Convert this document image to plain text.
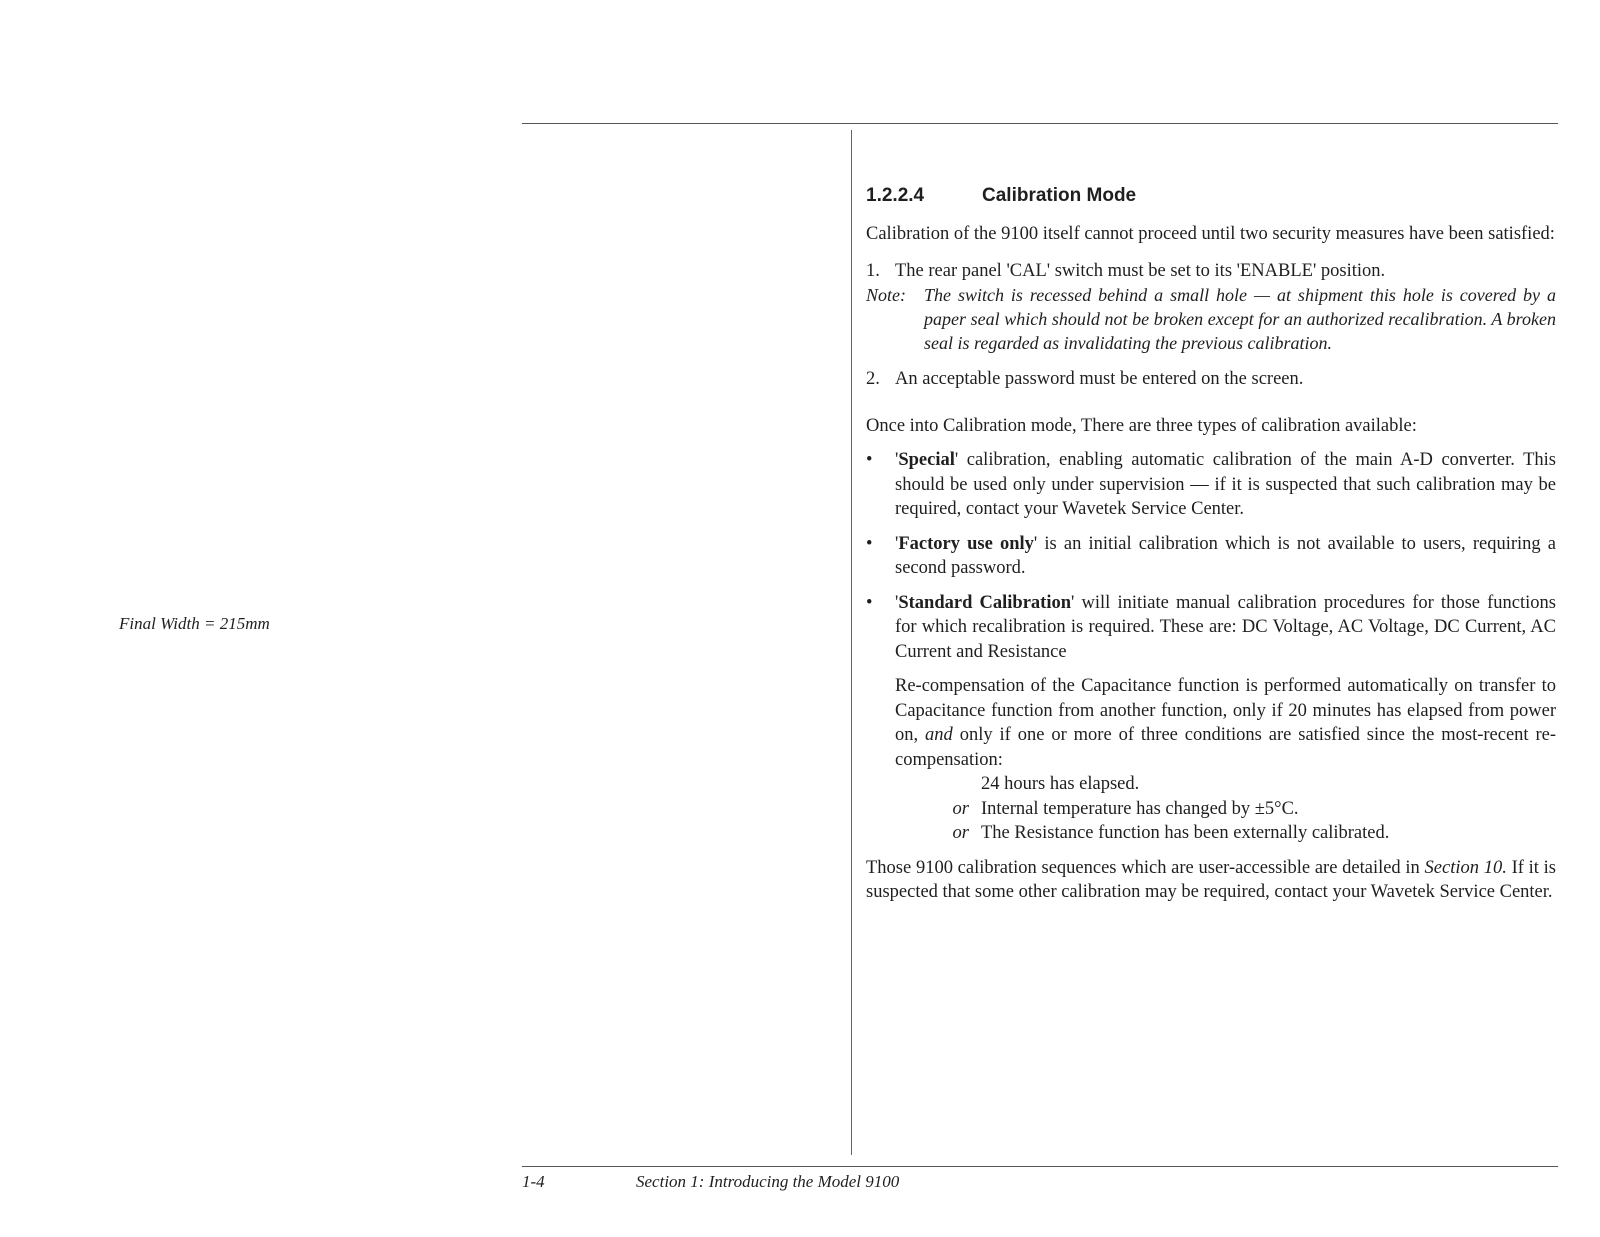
Final Width = 215mm
1.2.2.4	Calibration Mode

Calibration of the 9100 itself cannot proceed until two security measures have been satisfied:

1. The rear panel 'CAL' switch must be set to its 'ENABLE' position.
Note:	The switch is recessed behind a small hole — at shipment this hole is covered by a paper seal which should not be broken except for an authorized recalibration. A broken seal is regarded as invalidating the previous calibration.
2. An acceptable password must be entered on the screen.

Once into Calibration mode, There are three types of calibration available:

•	'Special' calibration, enabling automatic calibration of the main A-D converter. This should be used only under supervision — if it is suspected that such calibration may be required, contact your Wavetek Service Center.
•	'Factory use only' is an initial calibration which is not available to users, requiring a second password.
•	'Standard Calibration' will initiate manual calibration procedures for those functions for which recalibration is required. These are: DC Voltage, AC Voltage, DC Current, AC Current and Resistance

Re-compensation of the Capacitance function is performed automatically on transfer to Capacitance function from another function, only if 20 minutes has elapsed from power on, and only if one or more of three conditions are satisfied since the most-recent re-compensation:

24 hours has elapsed.
or Internal temperature has changed by ±5°C.
or The Resistance function has been externally calibrated.

Those 9100 calibration sequences which are user-accessible are detailed in Section 10. If it is suspected that some other calibration may be required, contact your Wavetek Service Center.

1-4	Section 1: Introducing the Model 9100
